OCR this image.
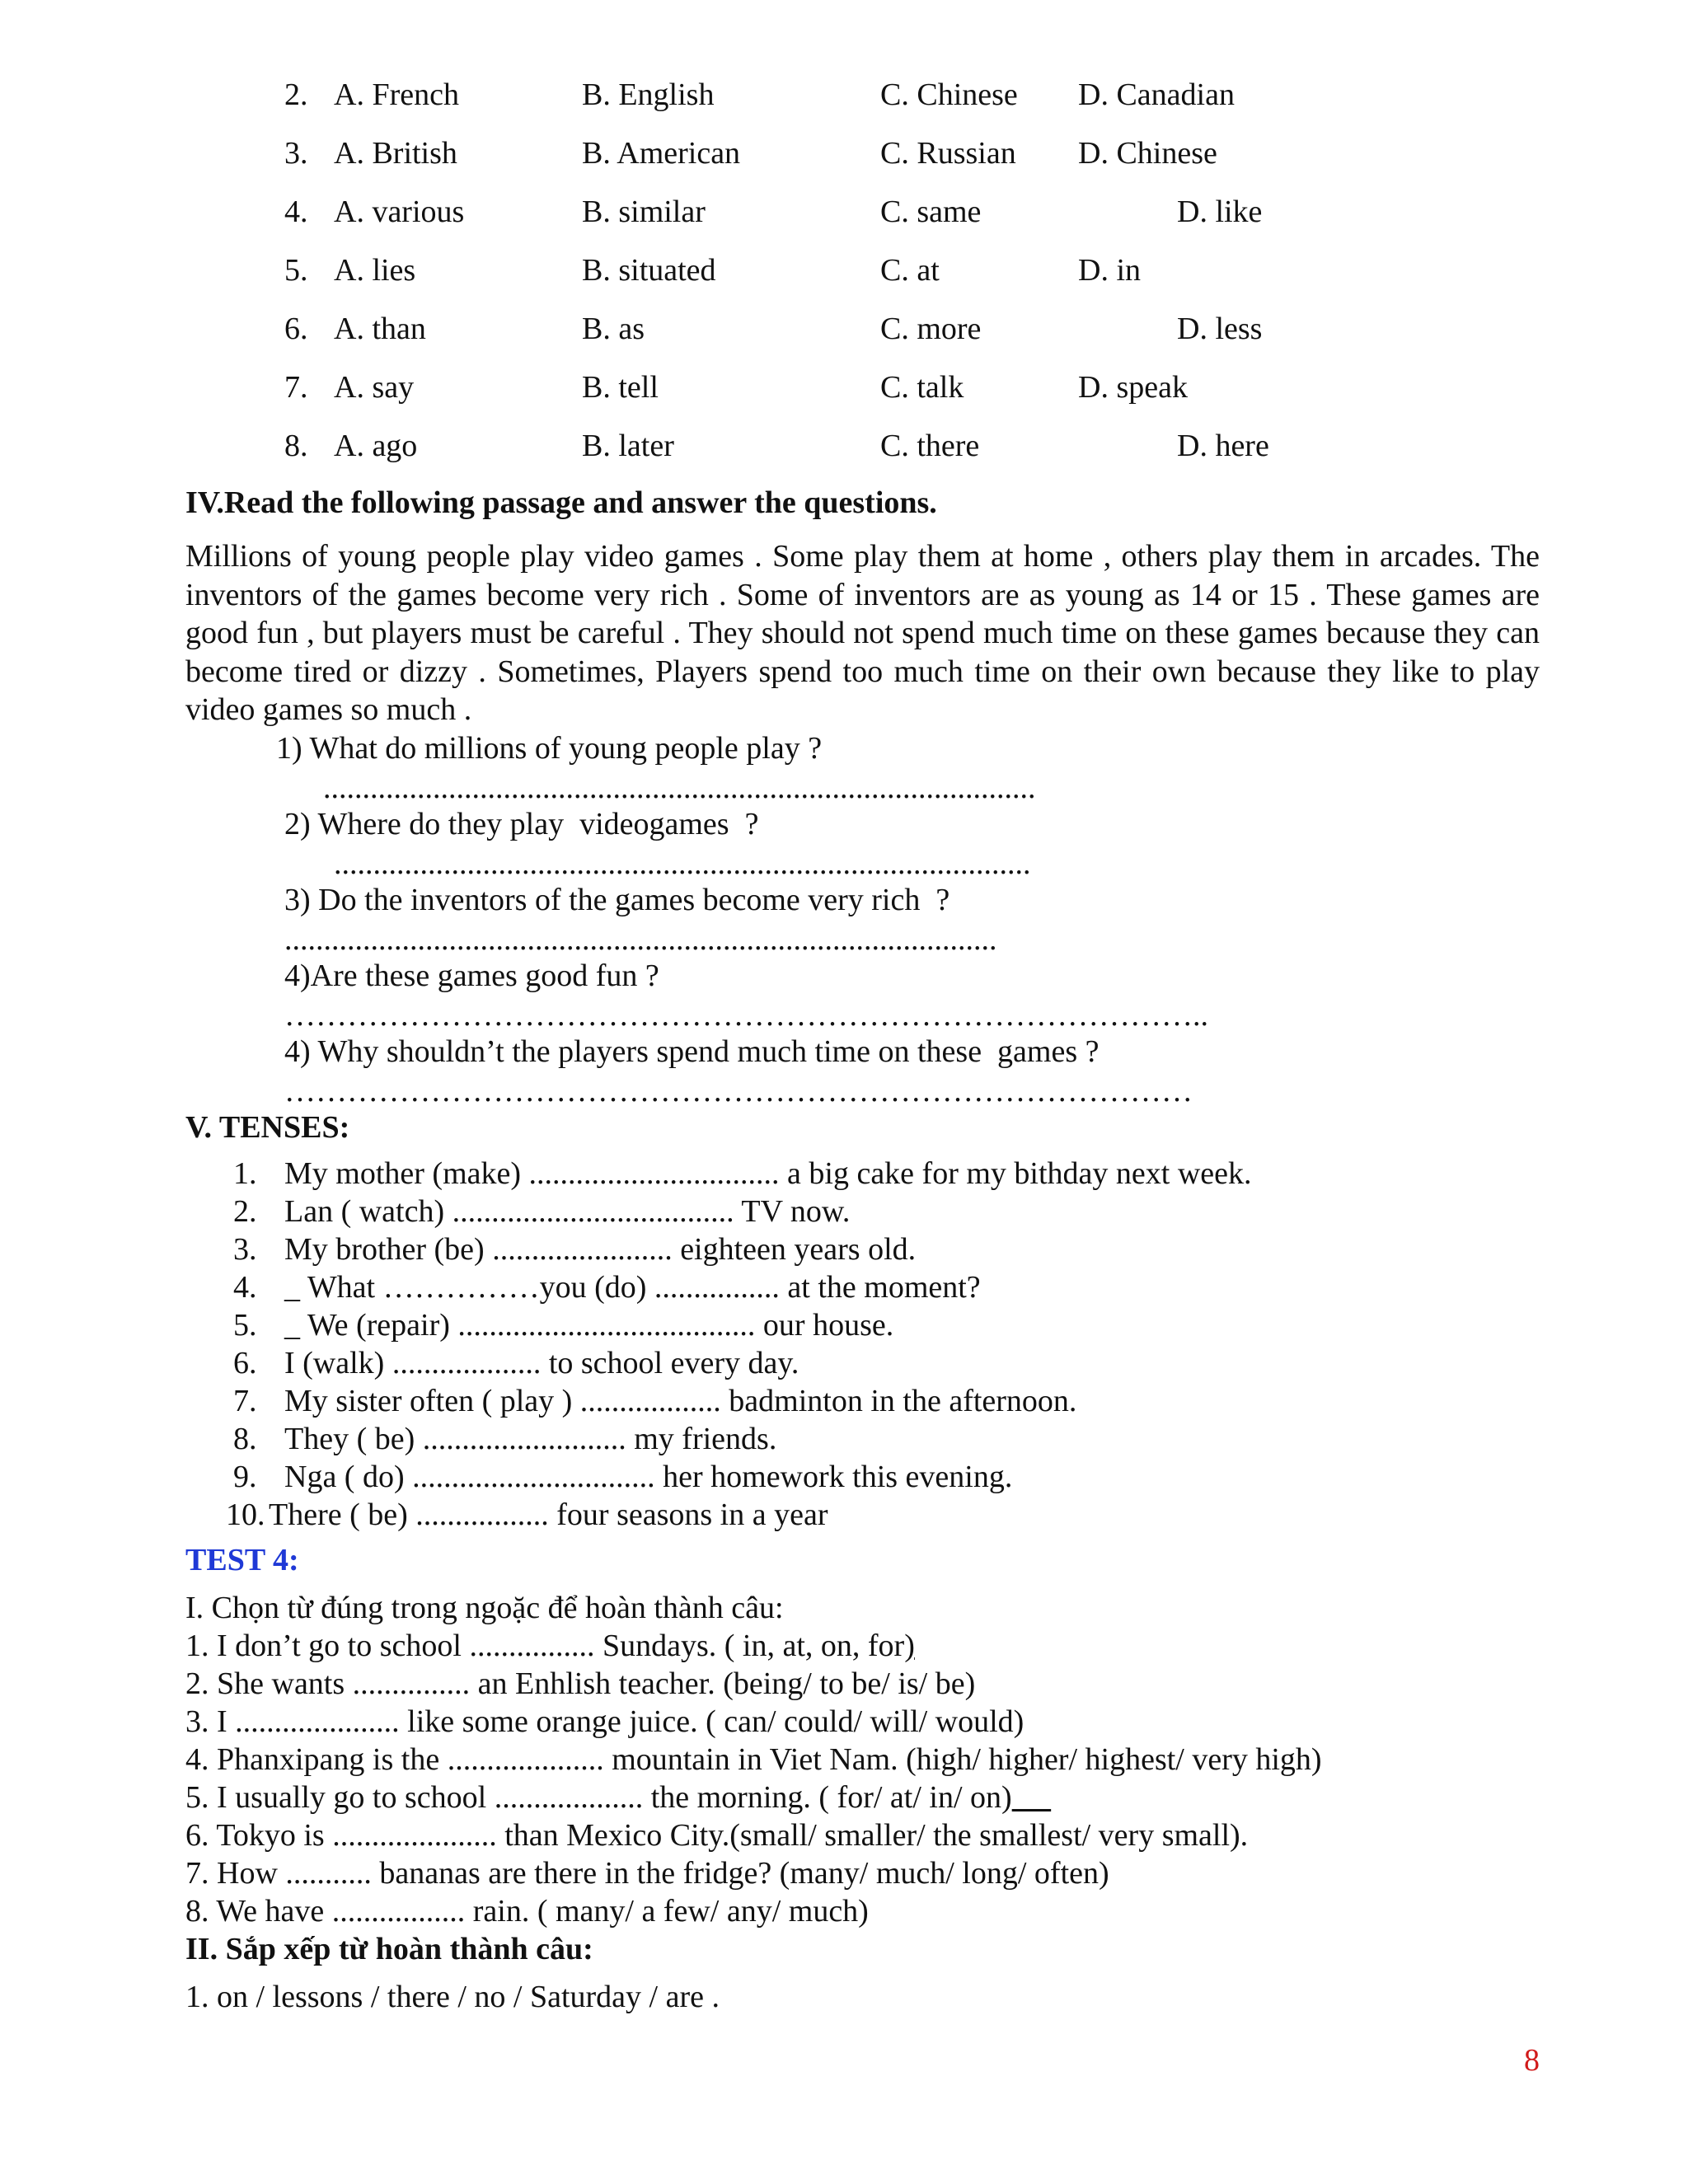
2. A. French	B. English	C. Chinese D. Canadian
3. A. British	B. American	C. Russian D. Chinese
4. A. various	B. similar	C. same	D. like
5. A. lies	B. situated	C. at	D. in
6. A. than	B. as	C. more	D. less
7. A. say	B. tell	C. talk	D. speak
8. A. ago	B. later	C. there	D. here
IV.Read the following passage and answer the questions.
Millions of young people play video games . Some play them at home , others play them in arcades. The inventors of the games become very rich . Some of inventors are as young as 14 or 15 . These games are good fun , but players must be careful . They should not spend much time on these games because they can become tired or dizzy . Sometimes, Players spend too much time on their own because they like to play video games so much .
1) What do millions of young people play ?
...........................................................................................
2) Where do they play  videogames  ?
.........................................................................................
3) Do the inventors of the games become very rich  ?
...........................................................................................
4)Are these games good fun ?
……………………………………………………………………………..
4) Why shouldn’t the players spend much time on these  games ?
……………………………………………………………………………
V. TENSES:
1. My mother (make) ................................ a big cake for my bithday next week.
2. Lan ( watch) .................................... TV now.
3. My brother (be) ....................... eighteen years old.
4. _ What ……………you (do) ................ at the moment?
5. _ We (repair) ...................................... our house.
6. I (walk) ................... to school every day.
7. My sister often ( play ) .................. badminton in the afternoon.
8. They ( be) .......................... my friends.
9. Nga ( do) ............................... her homework this evening.
10. There ( be) ................. four seasons in a year
TEST 4:
I. Chọn từ đúng trong ngoặc để hoàn thành câu:
1. I don’t go to school ................ Sundays. ( in, at, on, for)
2. She wants ............... an Enhlish teacher. (being/ to be/ is/ be)
3. I ..................... like some orange juice. ( can/ could/ will/ would)
4. Phanxipang is the .................... mountain in Viet Nam. (high/ higher/ highest/ very high)
5. I usually go to school ................... the morning. ( for/ at/ in/ on)
6. Tokyo is ..................... than Mexico City.(small/ smaller/ the smallest/ very small).
7. How ........... bananas are there in the fridge? (many/ much/ long/ often)
8. We have ................. rain. ( many/ a few/ any/ much)
II. Sắp xếp từ hoàn thành câu:
1. on / lessons / there / no / Saturday / are .
8
